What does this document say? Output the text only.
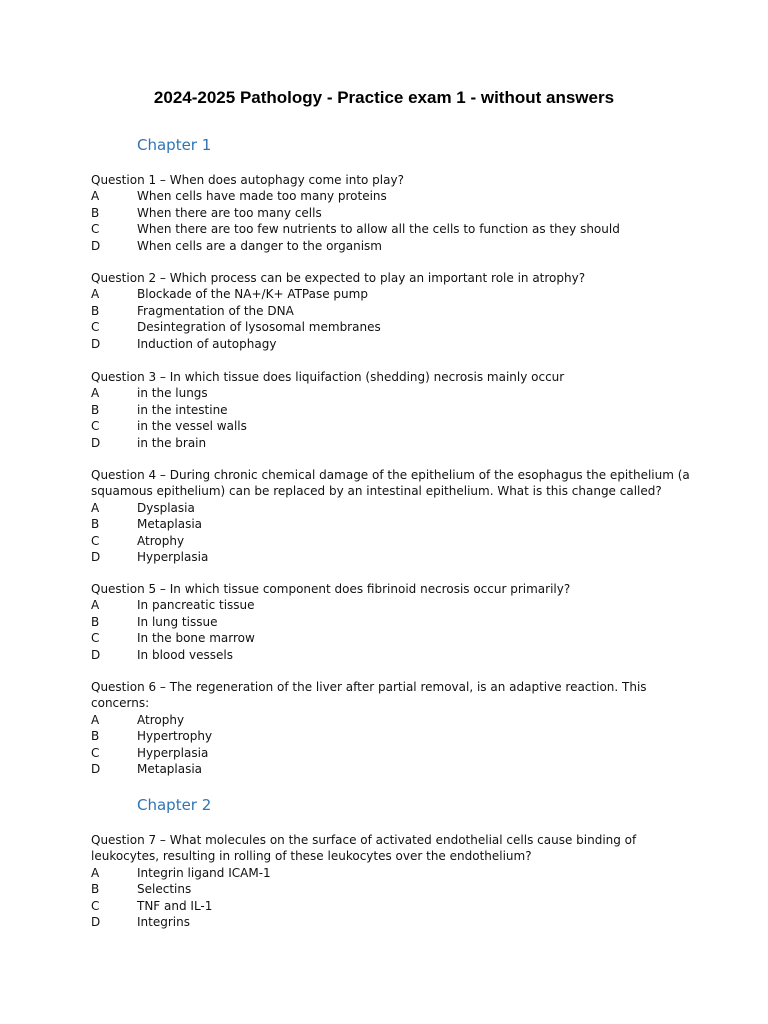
2024-2025 Pathology - Practice exam 1 - without answers
Chapter 1

Question 1 – When does autophagy come into play?

A	When cells have made too many proteins
B	When there are too many cells
C	When there are too few nutrients to allow all the cells to function as they should
D	When cells are a danger to the organism

Question 2 – Which process can be expected to play an important role in atrophy?

A	Blockade of the NA+/K+ ATPase pump
B	Fragmentation of the DNA
C	Desintegration of lysosomal membranes
D	Induction of autophagy

Question 3 – In which tissue does liquifaction (shedding) necrosis mainly occur

A	in the lungs
B	in the intestine
C	in the vessel walls
D	in the brain

Question 4 – During chronic chemical damage of the epithelium of the esophagus the epithelium (a
squamous epithelium) can be replaced by an intestinal epithelium. What is this change called?

A	Dysplasia
B	Metaplasia
C	Atrophy
D	Hyperplasia

Question 5 – In which tissue component does fibrinoid necrosis occur primarily?

A	In pancreatic tissue
B	In lung tissue
C	In the bone marrow
D	In blood vessels

Question 6 – The regeneration of the liver after partial removal, is an adaptive reaction. This
concerns:

A	Atrophy
B	Hypertrophy
C	Hyperplasia
D	Metaplasia
Chapter 2

Question 7 – What molecules on the surface of activated endothelial cells cause binding of
leukocytes, resulting in rolling of these leukocytes over the endothelium?

A	Integrin ligand ICAM-1
B	Selectins
C	TNF and IL-1
D	Integrins
